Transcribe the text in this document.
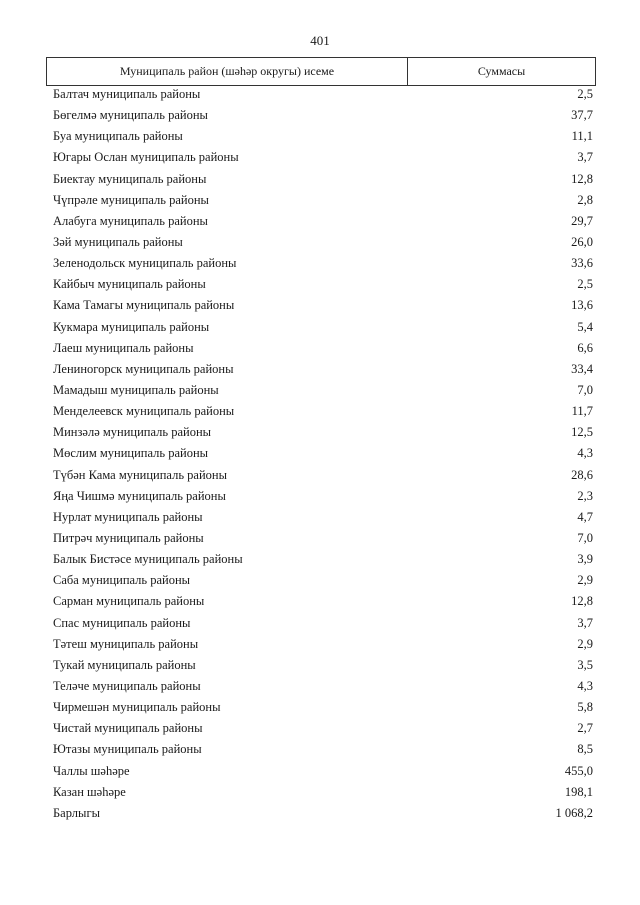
401
Муниципаль район (шәһәр округы) исеме	Суммасы
Балтач муниципаль районы	2,5
Бөгелмә муниципаль районы	37,7
Буа муниципаль районы	11,1
Югары Ослан муниципаль районы	3,7
Биектау муниципаль районы	12,8
Чүпрәле муниципаль районы	2,8
Алабуга муниципаль районы	29,7
Зәй муниципаль районы	26,0
Зеленодольск муниципаль районы	33,6
Кайбыч муниципаль районы	2,5
Кама Тамагы муниципаль районы	13,6
Кукмара муниципаль районы	5,4
Лаеш муниципаль районы	6,6
Лениногорск муниципаль районы	33,4
Мамадыш муниципаль районы	7,0
Менделеевск муниципаль районы	11,7
Минзәлә муниципаль районы	12,5
Мөслим муниципаль районы	4,3
Түбән Кама муниципаль районы	28,6
Яңа Чишмә муниципаль районы	2,3
Нурлат муниципаль районы	4,7
Питрәч муниципаль районы	7,0
Балык Бистәсе муниципаль районы	3,9
Саба муниципаль районы	2,9
Сарман муниципаль районы	12,8
Спас муниципаль районы	3,7
Тәтеш муниципаль районы	2,9
Тукай муниципаль районы	3,5
Теләче муниципаль районы	4,3
Чирмешән муниципаль районы	5,8
Чистай муниципаль районы	2,7
Ютазы муниципаль районы	8,5
Чаллы шәһәре	455,0
Казан шәһәре	198,1
Барлыгы	1 068,2
